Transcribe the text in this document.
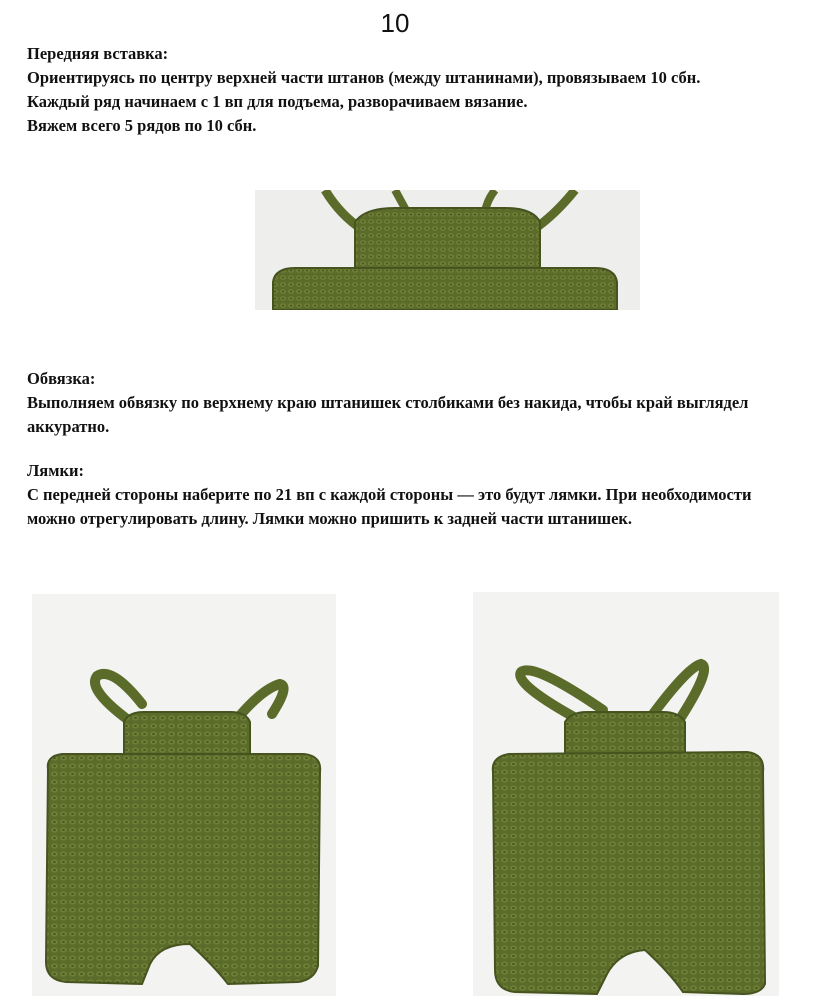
10

Передняя вставка:

Ориентируясь по центру верхней части штанов (между штанинами), провязываем 10 сбн.

Каждый ряд начинаем с 1 вп для подъема, разворачиваем вязание.

Вяжем всего 5 рядов по 10 сбн.

Обвязка:

Выполняем обвязку по верхнему краю штанишек столбиками без накида, чтобы край выглядел аккуратно.

Лямки:

С передней стороны наберите по 21 вп с каждой стороны — это будут лямки. При необходимости можно отрегулировать длину. Лямки можно пришить к задней части штанишек.
